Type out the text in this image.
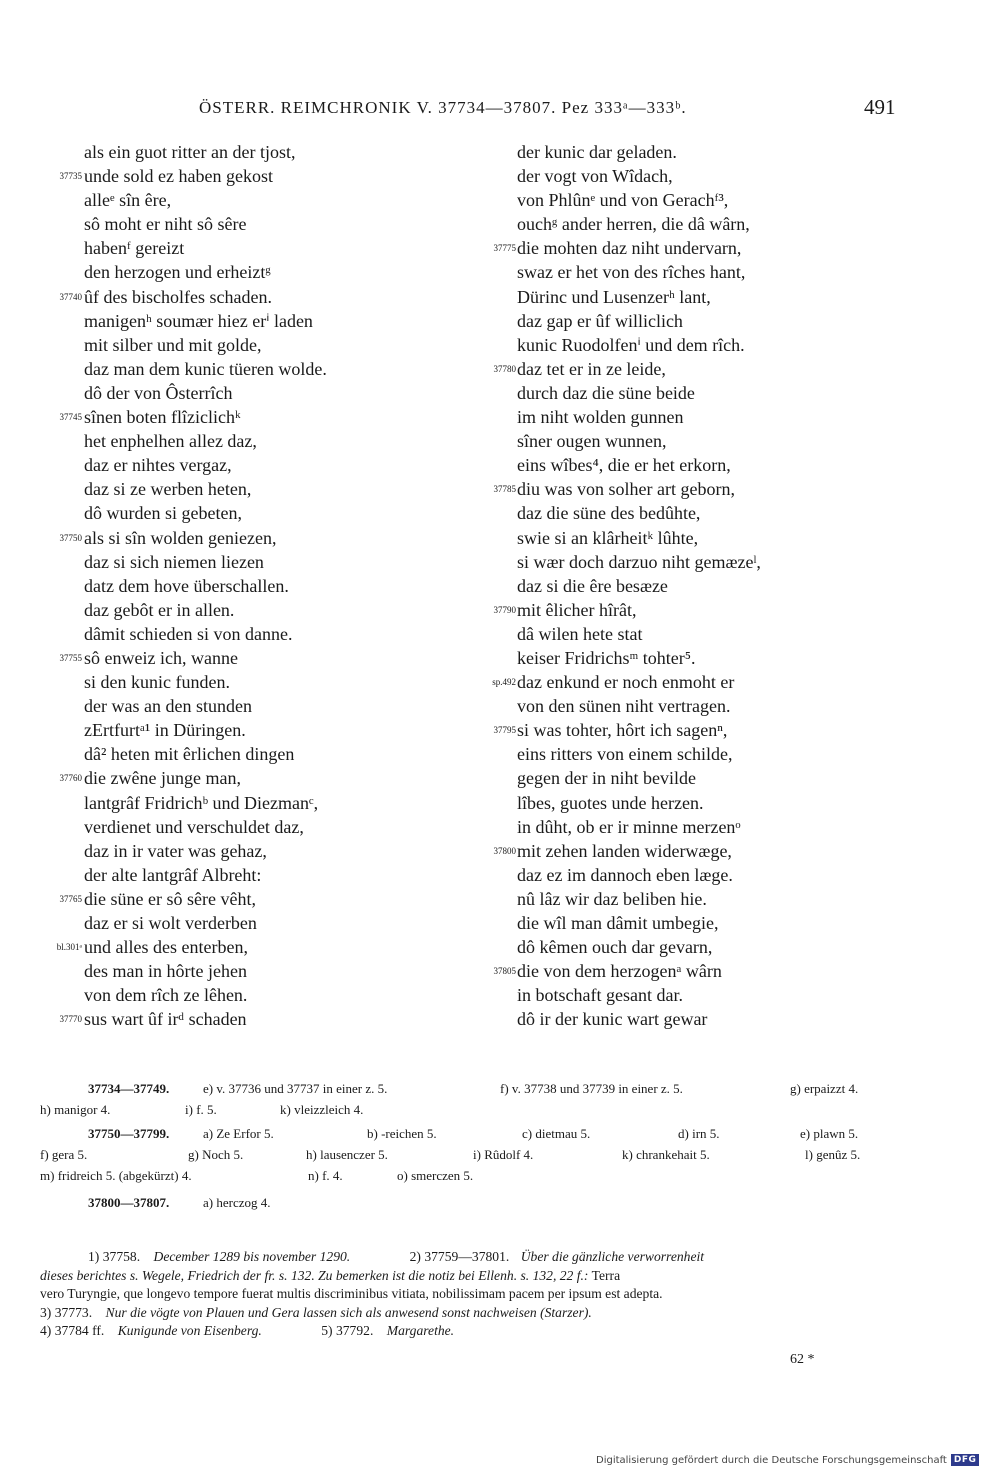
ÖSTERR. REIMCHRONIK V. 37734—37807. Pez 333ᵃ—333ᵇ.	491
als ein guot ritter an der tjost,
37735 unde sold ez haben gekost
alleᵉ sîn êre,
sô moht er niht sô sêre
habenᶠ gereizt
den herzogen und erheiztᵍ
37740 ûf des bischolfes schaden.
manigenʰ soumær hiez erⁱ laden
mit silber und mit golde,
daz man dem kunic tüeren wolde.
dô der von Ôsterrîch
37745 sînen boten flîziclichᵏ
het enphelhen allez daz,
daz er nihtes vergaz,
daz si ze werben heten,
dô wurden si gebeten,
37750 als si sîn wolden geniezen,
daz si sich niemen liezen
datz dem hove überschallen.
daz gebôt er in allen.
dâmit schieden si von danne.
37755 sô enweiz ich, wanne
si den kunic funden.
der was an den stunden
zErtfurtᵃ¹ in Düringen.
dâ² heten mit êrlichen dingen
37760 die zwêne junge man,
lantgrâf Fridrichᵇ und Diezmanᶜ,
verdienet und verschuldet daz,
daz in ir vater was gehaz,
der alte lantgrâf Albreht:
37765 die süne er sô sêre vêht,
daz er si wolt verderben
bl.301ᵃ und alles des enterben,
des man in hôrte jehen
von dem rîch ze lêhen.
37770 sus wart ûf irᵈ schaden
der kunic dar geladen.
der vogt von Wîdach,
von Phlûnᵉ und von Gerachᶠ³,
ouchᵍ ander herren, die dâ wârn,
37775 die mohten daz niht undervarn,
swaz er het von des rîches hant,
Dürinc und Lusenzerʰ lant,
daz gap er ûf williclich
kunic Ruodolfenⁱ und dem rîch.
37780 daz tet er in ze leide,
durch daz die süne beide
im niht wolden gunnen
sîner ougen wunnen,
eins wîbes⁴, die er het erkorn,
37785 diu was von solher art geborn,
daz die süne des bedûhte,
swie si an klârheitᵏ lûhte,
si wær doch darzuo niht gemæzeˡ,
daz si die êre besæze
37790 mit êlicher hîrât,
dâ wilen hete stat
keiser Fridrichsᵐ tohter⁵.
sp.492 daz enkund er noch enmoht er
von den sünen niht vertragen.
37795 si was tohter, hôrt ich sagenⁿ,
eins ritters von einem schilde,
gegen der in niht bevilde
lîbes, guotes unde herzen.
in dûht, ob er ir minne merzenᵒ
37800 mit zehen landen widerwæge,
daz ez im dannoch eben læge.
nû lâz wir daz beliben hie.
die wîl man dâmit umbegie,
dô kêmen ouch dar gevarn,
37805 die von dem herzogenᵃ wârn
in botschaft gesant dar.
dô ir der kunic wart gewar
37734—37749.	e) v. 37736 und 37737 in einer z. 5.	f) v. 37738 und 37739 in einer z. 5.	g) erpaizzt 4.
h) manigor 4.	i) f. 5.	k) vleizzleich 4.
37750—37799.	a) Ze Erfor 5.	b) -reichen 5.	c) dietmau 5.	d) irn 5.	e) plawn 5.
f) gera 5.	g) Noch 5.	h) lausenczer 5.	i) Rûdolf 4.	k) chrankehait 5.	l) genûz 5.
m) fridreich 5. (abgekürzt) 4.	n) f. 4.	o) smerczen 5.
37800—37807.	a) herczog 4.
1) 37758. December 1289 bis november 1290.	2) 37759—37801. Über die gänzliche verworrenheit
dieses berichtes s. Wegele, Friedrich der fr. s. 132. Zu bemerken ist die notiz bei Ellenh. s. 132, 22 f.: Terra
vero Turyngie, que longevo tempore fuerat multis discriminibus vitiata, nobilissimam pacem per ipsum est adepta.
3) 37773. Nur die vögte von Plauen und Gera lassen sich als anwesend sonst nachweisen (Starzer).
4) 37784 ff. Kunigunde von Eisenberg.	5) 37792. Margarethe.
62 *
Digitalisierung gefördert durch die Deutsche Forschungsgemeinschaft DFG
